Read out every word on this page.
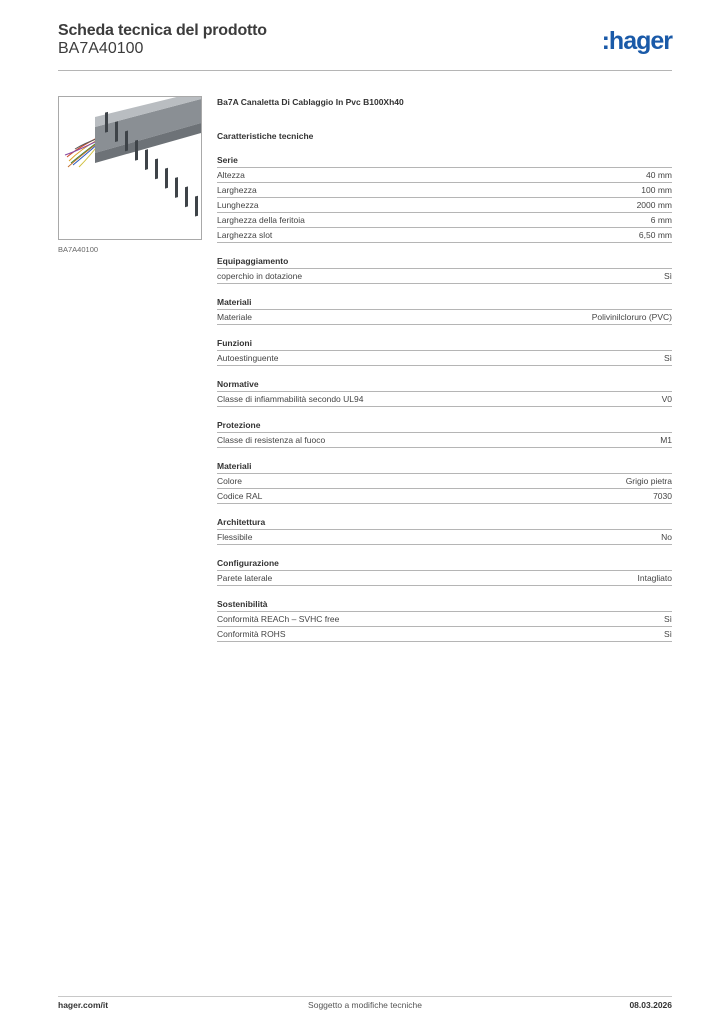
Scheda tecnica del prodotto
BA7A40100	:hager
BA7A40100
Ba7A Canaletta Di Cablaggio In Pvc B100Xh40
Caratteristiche tecniche
Serie
Altezza	40 mm
Larghezza	100 mm
Lunghezza	2000 mm
Larghezza della feritoia	6 mm
Larghezza slot	6,50 mm
Equipaggiamento
coperchio in dotazione	Sì
Materiali
Materiale	Polivinilcloruro (PVC)
Funzioni
Autoestinguente	Sì
Normative
Classe di infiammabilità secondo UL94	V0
Protezione
Classe di resistenza al fuoco	M1
Materiali
Colore	Grigio pietra
Codice RAL	7030
Architettura
Flessibile	No
Configurazione
Parete laterale	Intagliato
Sostenibilità
Conformità REACh – SVHC free	Sì
Conformità ROHS	Sì
hager.com/it	Soggetto a modifiche tecniche	08.03.2026
